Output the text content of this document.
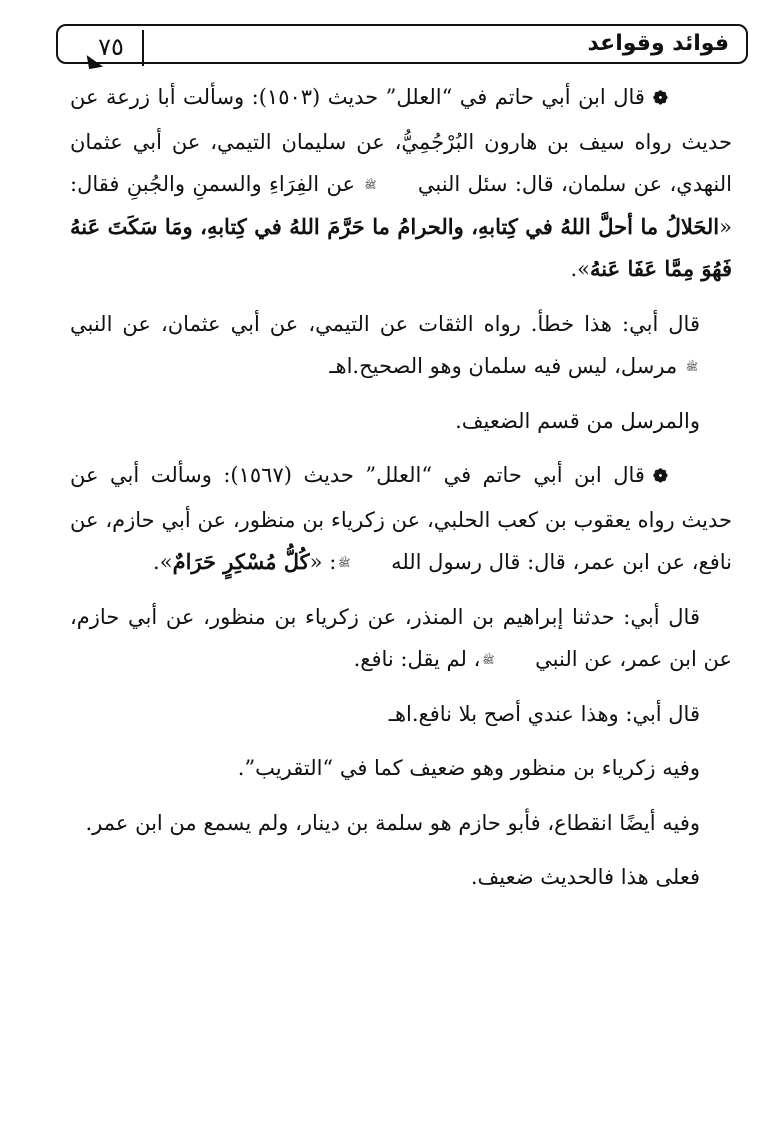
٧٥	فوائد وقواعد

❁قال ابن أبي حاتم في “العلل” حديث (١٥٠٣): وسألت أبا زرعة عن حديث رواه سيف بن هارون البُرْجُمِيُّ، عن سليمان التيمي، عن أبي عثمان النهدي، عن سلمان، قال: سئل النبي ﷺ عن الفِرَاءِ والسمنِ والجُبنِ فقال: «الحَلالُ ما أحلَّ اللهُ في كِتابهِ، والحرامُ ما حَرَّمَ اللهُ في كِتابهِ، ومَا سَكَتَ عَنهُ فَهُوَ مِمَّا عَفَا عَنهُ».

قال أبي: هذا خطأ. رواه الثقات عن التيمي، عن أبي عثمان، عن النبي ﷺ مرسل، ليس فيه سلمان وهو الصحيح.اهـ

والمرسل من قسم الضعيف.

❁قال ابن أبي حاتم في “العلل” حديث (١٥٦٧): وسألت أبي عن حديث رواه يعقوب بن كعب الحلبي، عن زكرياء بن منظور، عن أبي حازم، عن نافع، عن ابن عمر، قال: قال رسول الله ﷺ: «كُلُّ مُسْكِرٍ حَرَامٌ».

قال أبي: حدثنا إبراهيم بن المنذر، عن زكرياء بن منظور، عن أبي حازم، عن ابن عمر، عن النبي ﷺ، لم يقل: نافع.

قال أبي: وهذا عندي أصح بلا نافع.اهـ

وفيه زكرياء بن منظور وهو ضعيف كما في “التقريب”.

وفيه أيضًا انقطاع، فأبو حازم هو سلمة بن دينار، ولم يسمع من ابن عمر.

فعلى هذا فالحديث ضعيف.
